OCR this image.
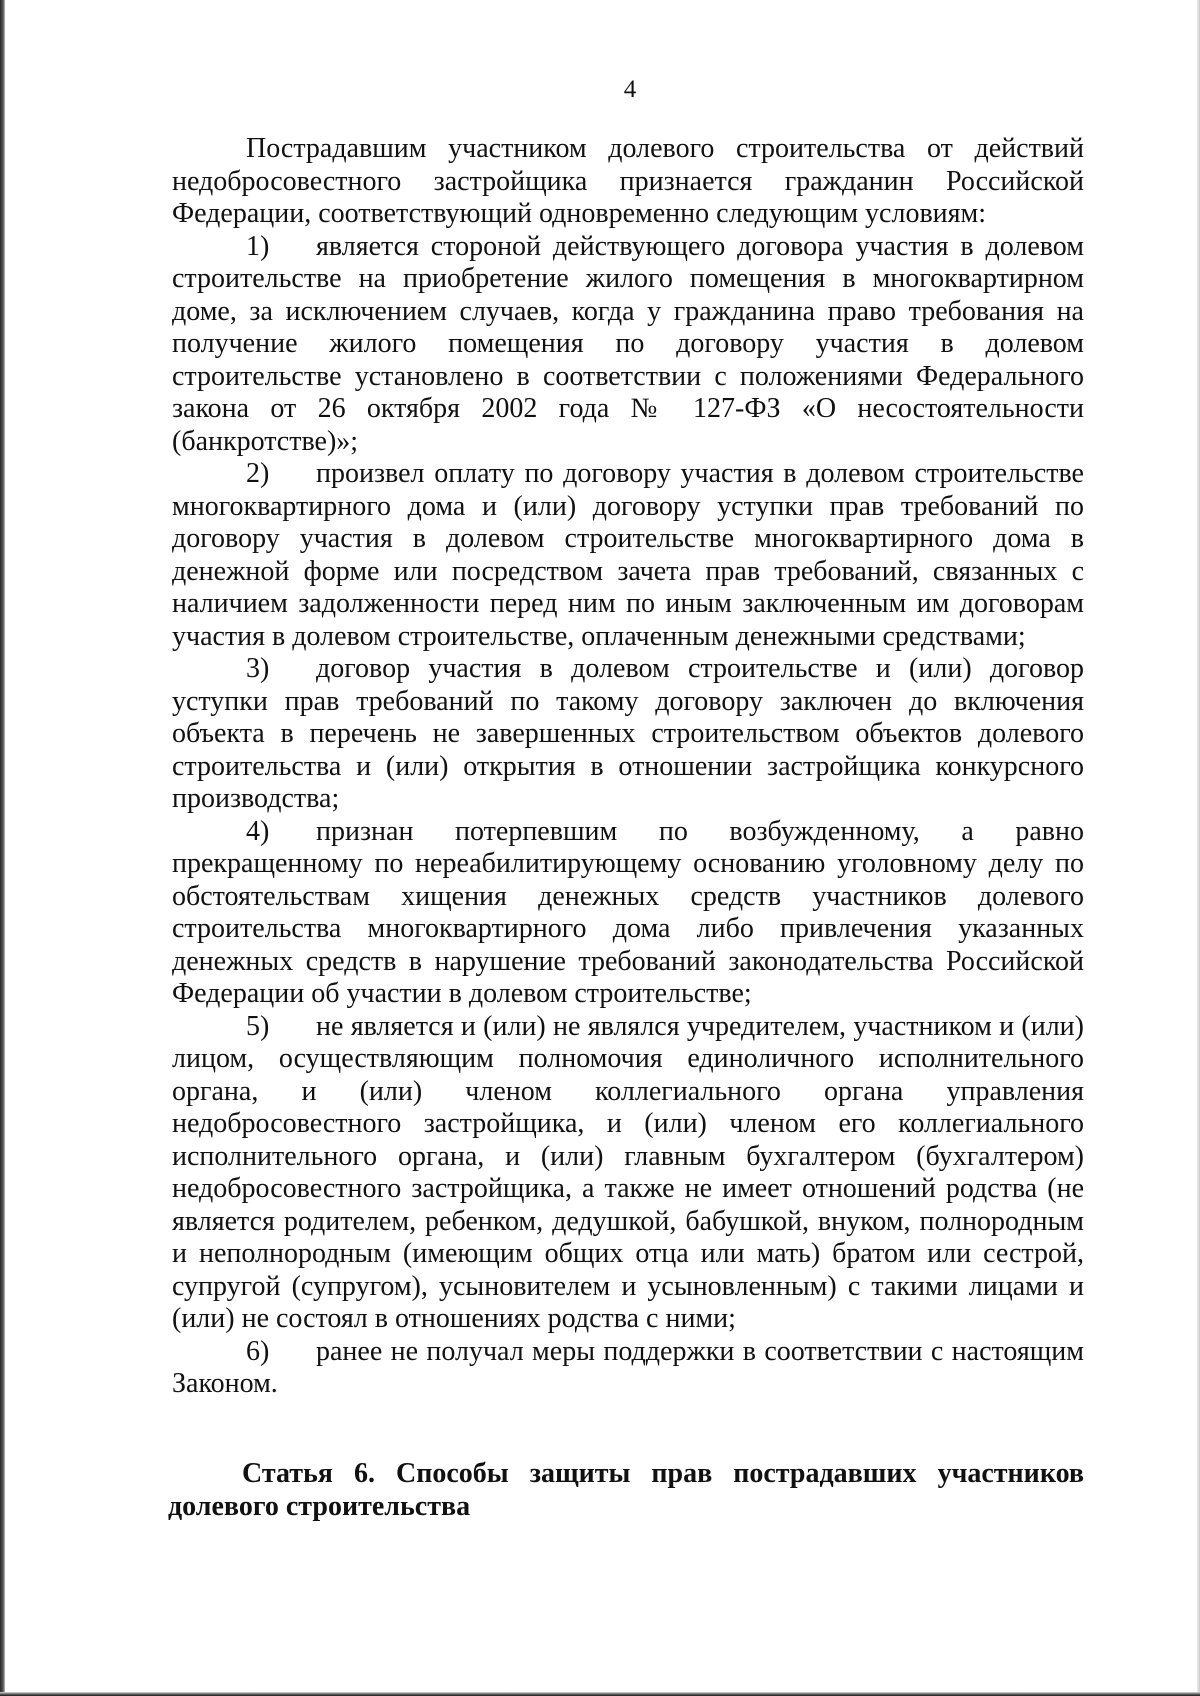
4

Пострадавшим участником долевого строительства от действий недобросовестного застройщика признается гражданин Российской Федерации, соответствующий одновременно следующим условиям:

1) является стороной действующего договора участия в долевом строительстве на приобретение жилого помещения в многоквартирном доме, за исключением случаев, когда у гражданина право требования на получение жилого помещения по договору участия в долевом строительстве установлено в соответствии с положениями Федерального закона от 26 октября 2002 года № 127-ФЗ «О несостоятельности (банкротстве)»;

2) произвел оплату по договору участия в долевом строительстве многоквартирного дома и (или) договору уступки прав требований по договору участия в долевом строительстве многоквартирного дома в денежной форме или посредством зачета прав требований, связанных с наличием задолженности перед ним по иным заключенным им договорам участия в долевом строительстве, оплаченным денежными средствами;

3) договор участия в долевом строительстве и (или) договор уступки прав требований по такому договору заключен до включения объекта в перечень не завершенных строительством объектов долевого строительства и (или) открытия в отношении застройщика конкурсного производства;

4) признан потерпевшим по возбужденному, а равно прекращенному по нереабилитирующему основанию уголовному делу по обстоятельствам хищения денежных средств участников долевого строительства многоквартирного дома либо привлечения указанных денежных средств в нарушение требований законодательства Российской Федерации об участии в долевом строительстве;

5) не является и (или) не являлся учредителем, участником и (или) лицом, осуществляющим полномочия единоличного исполнительного органа, и (или) членом коллегиального органа управления недобросовестного застройщика, и (или) членом его коллегиального исполнительного органа, и (или) главным бухгалтером (бухгалтером) недобросовестного застройщика, а также не имеет отношений родства (не является родителем, ребенком, дедушкой, бабушкой, внуком, полнородным и неполнородным (имеющим общих отца или мать) братом или сестрой, супругой (супругом), усыновителем и усыновленным) с такими лицами и (или) не состоял в отношениях родства с ними;

6) ранее не получал меры поддержки в соответствии с настоящим Законом.

Статья 6. Способы защиты прав пострадавших участников долевого строительства
